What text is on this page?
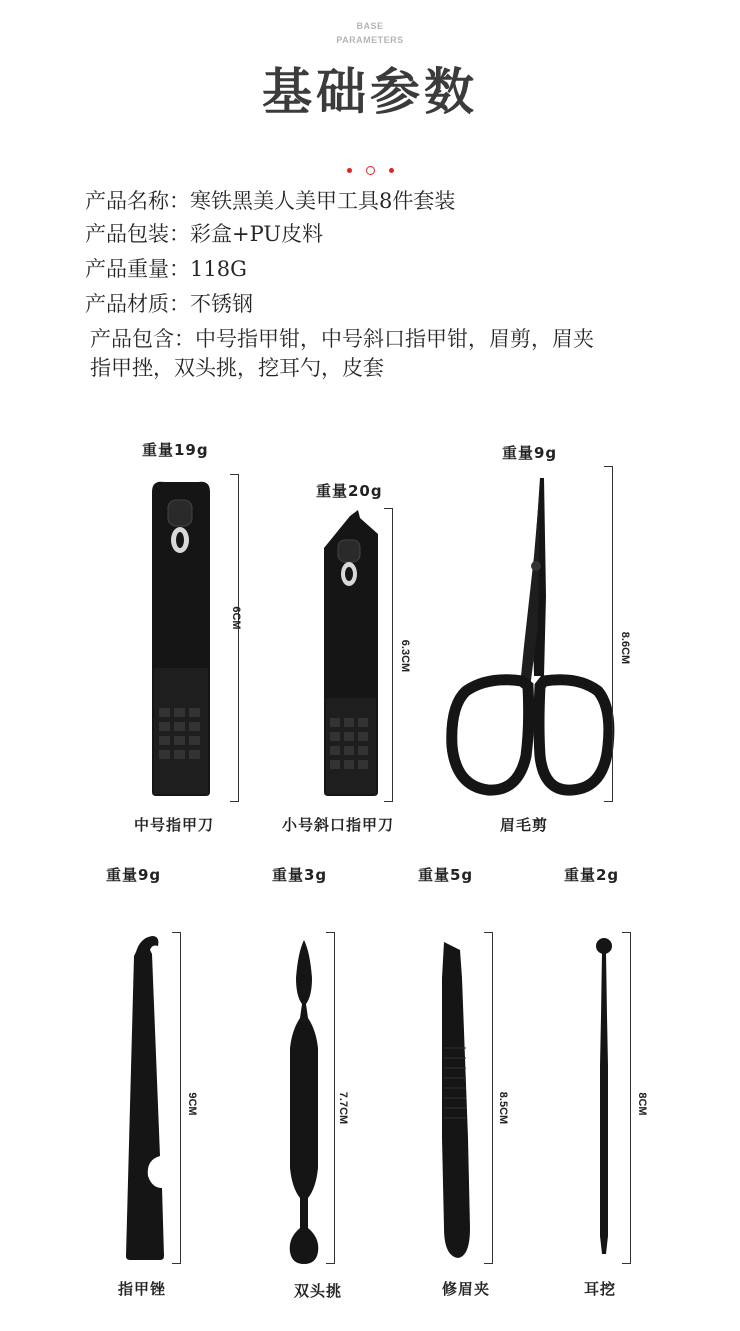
BASE
PARAMETERS
基础参数
产品名称：寒铁黑美人美甲工具8件套装
产品包装：彩盒+PU皮料
产品重量：118G
产品材质：不锈钢
产品包含：中号指甲钳，中号斜口指甲钳，眉剪，眉夹
指甲挫，双头挑，挖耳勺，皮套
重量19g
6CM
中号指甲刀
重量20g
6.3CM
小号斜口指甲刀
重量9g
8.6CM
眉毛剪
重量9g
9CM
指甲锉
重量3g
7.7CM
双头挑
重量5g
8.5CM
修眉夹
重量2g
8CM
耳挖
